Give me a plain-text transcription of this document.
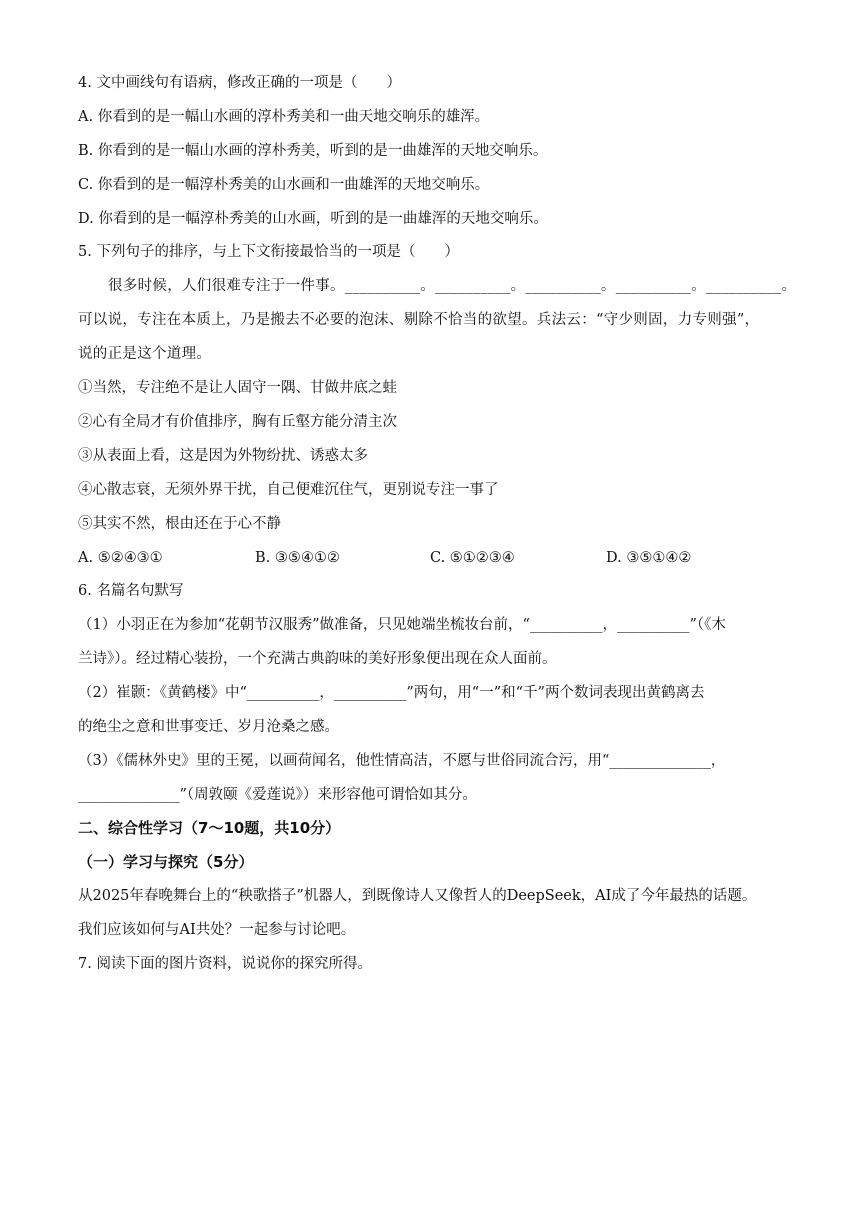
4. 文中画线句有语病，修改正确的一项是（　　）
A. 你看到的是一幅山水画的淳朴秀美和一曲天地交响乐的雄浑。
B. 你看到的是一幅山水画的淳朴秀美，听到的是一曲雄浑的天地交响乐。
C. 你看到的是一幅淳朴秀美的山水画和一曲雄浑的天地交响乐。
D. 你看到的是一幅淳朴秀美的山水画，听到的是一曲雄浑的天地交响乐。
5. 下列句子的排序，与上下文衔接最恰当的一项是（　　）
很多时候，人们很难专注于一件事。__________。__________。__________。__________。__________。
可以说，专注在本质上，乃是搬去不必要的泡沫、剔除不恰当的欲望。兵法云：“守少则固，力专则强”，
说的正是这个道理。
①当然，专注绝不是让人固守一隅、甘做井底之蛙
②心有全局才有价值排序，胸有丘壑方能分清主次
③从表面上看，这是因为外物纷扰、诱惑太多
④心散志衰，无须外界干扰，自己便难沉住气，更别说专注一事了
⑤其实不然，根由还在于心不静
A. ⑤②④③①	B. ③⑤④①②	C. ⑤①②③④	D. ③⑤①④②
6. 名篇名句默写
（1）小羽正在为参加“花朝节汉服秀”做准备，只见她端坐梳妆台前，“__________，__________”（《木
兰诗》）。经过精心装扮，一个充满古典韵味的美好形象便出现在众人面前。
（2）崔颢：《黄鹤楼》中“__________，__________”两句，用“一”和“千”两个数词表现出黄鹤离去
的绝尘之意和世事变迁、岁月沧桑之感。
（3）《儒林外史》里的王冕，以画荷闻名，他性情高洁，不愿与世俗同流合污，用“______________，
______________”（周敦颐《爱莲说》）来形容他可谓恰如其分。
二、综合性学习（7～10题，共10分）
（一）学习与探究（5分）
从2025年春晚舞台上的“秧歌搭子”机器人，到既像诗人又像哲人的DeepSeek，AI成了今年最热的话题。
我们应该如何与AI共处？一起参与讨论吧。
7. 阅读下面的图片资料，说说你的探究所得。
